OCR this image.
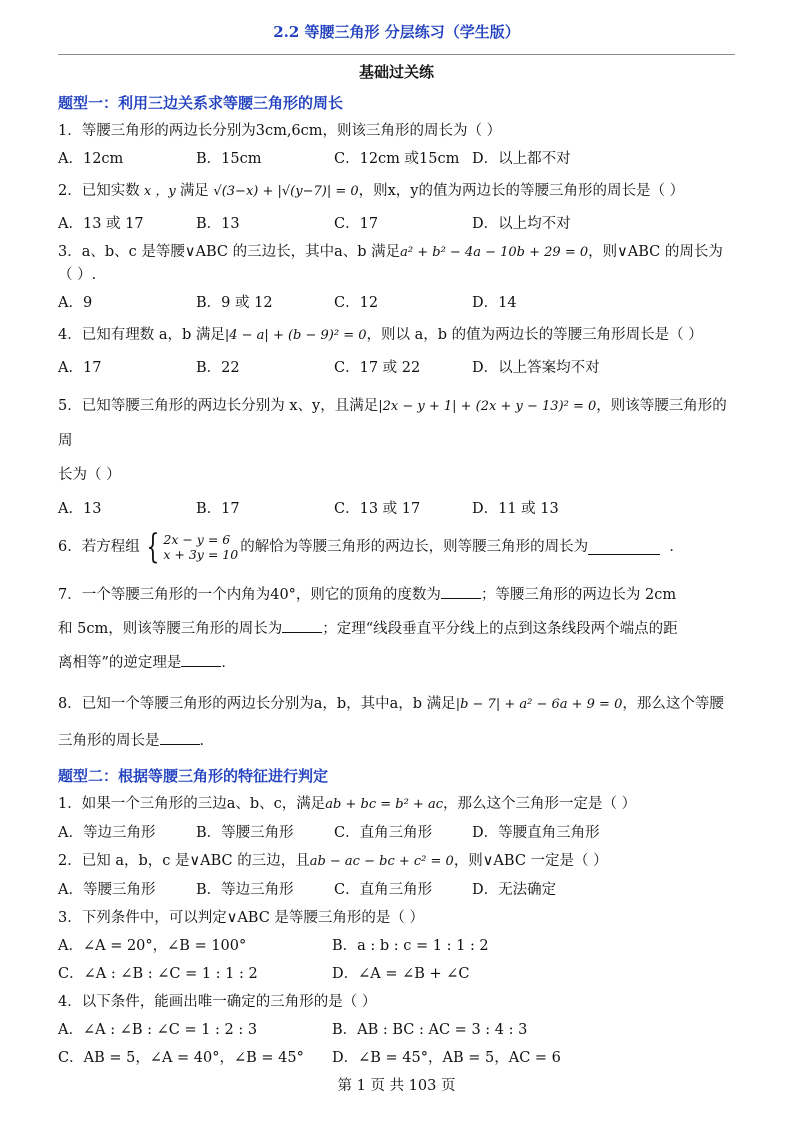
2.2 等腰三角形 分层练习（学生版）

基础过关练

题型一：利用三边关系求等腰三角形的周长

1．等腰三角形的两边长分别为3cm,6cm，则该三角形的周长为（ ）

A．12cm	B．15cm	C．12cm 或15cm D．以上都不对

2．已知实数 x ，y 满足 √(3−x) + |√(y−7)| = 0，则x，y的值为两边长的等腰三角形的周长是（ ）

A．13 或 17	B．13	C．17	D．以上均不对

3．a、b、c 是等腰∨ABC 的三边长，其中a、b 满足a² + b² − 4a − 10b + 29 = 0，则∨ABC 的周长为（ ）.

A．9	B．9 或 12	C．12	D．14

4．已知有理数 a，b 满足|4 − a| + (b − 9)² = 0，则以 a，b 的值为两边长的等腰三角形周长是（ ）

A．17	B．22	C．17 或 22	D．以上答案均不对

5．已知等腰三角形的两边长分别为 x、y，且满足|2x − y + 1| + (2x + y − 13)² = 0，则该等腰三角形的周
长为（ ）

A．13	B．17	C．13 或 17	D．11 或 13

6．若方程组 { 2x − y = 6
x + 3y = 10 的解恰为等腰三角形的两边长，则等腰三角形的周长为
	．

7．一个等腰三角形的一个内角为40°，则它的顶角的度数为	；等腰三角形的两边长为 2cm
和 5cm，则该等腰三角形的周长为	；定理“线段垂直平分线上的点到这条线段两个端点的距
离相等”的逆定理是	．

8．已知一个等腰三角形的两边长分别为a，b，其中a，b 满足|b − 7| + a² − 6a + 9 = 0，那么这个等腰
三角形的周长是	．

题型二：根据等腰三角形的特征进行判定

1．如果一个三角形的三边a、b、c，满足ab + bc = b² + ac，那么这个三角形一定是（ ）

A．等边三角形	B．等腰三角形	C．直角三角形	D．等腰直角三角形

2．已知 a，b，c 是∨ABC 的三边，且ab − ac − bc + c² = 0，则∨ABC 一定是（ ）

A．等腰三角形	B．等边三角形	C．直角三角形	D．无法确定

3．下列条件中，可以判定∨ABC 是等腰三角形的是（ ）

A．∠A = 20°，∠B = 100°	B．a : b : c = 1 : 1 : 2
C．∠A : ∠B : ∠C = 1 : 1 : 2	D．∠A = ∠B + ∠C

4．以下条件，能画出唯一确定的三角形的是（ ）

A．∠A : ∠B : ∠C = 1 : 2 : 3	B．AB : BC : AC = 3 : 4 : 3
C．AB = 5，∠A = 40°，∠B = 45°	D．∠B = 45°，AB = 5，AC = 6
第 1 页 共 103 页
